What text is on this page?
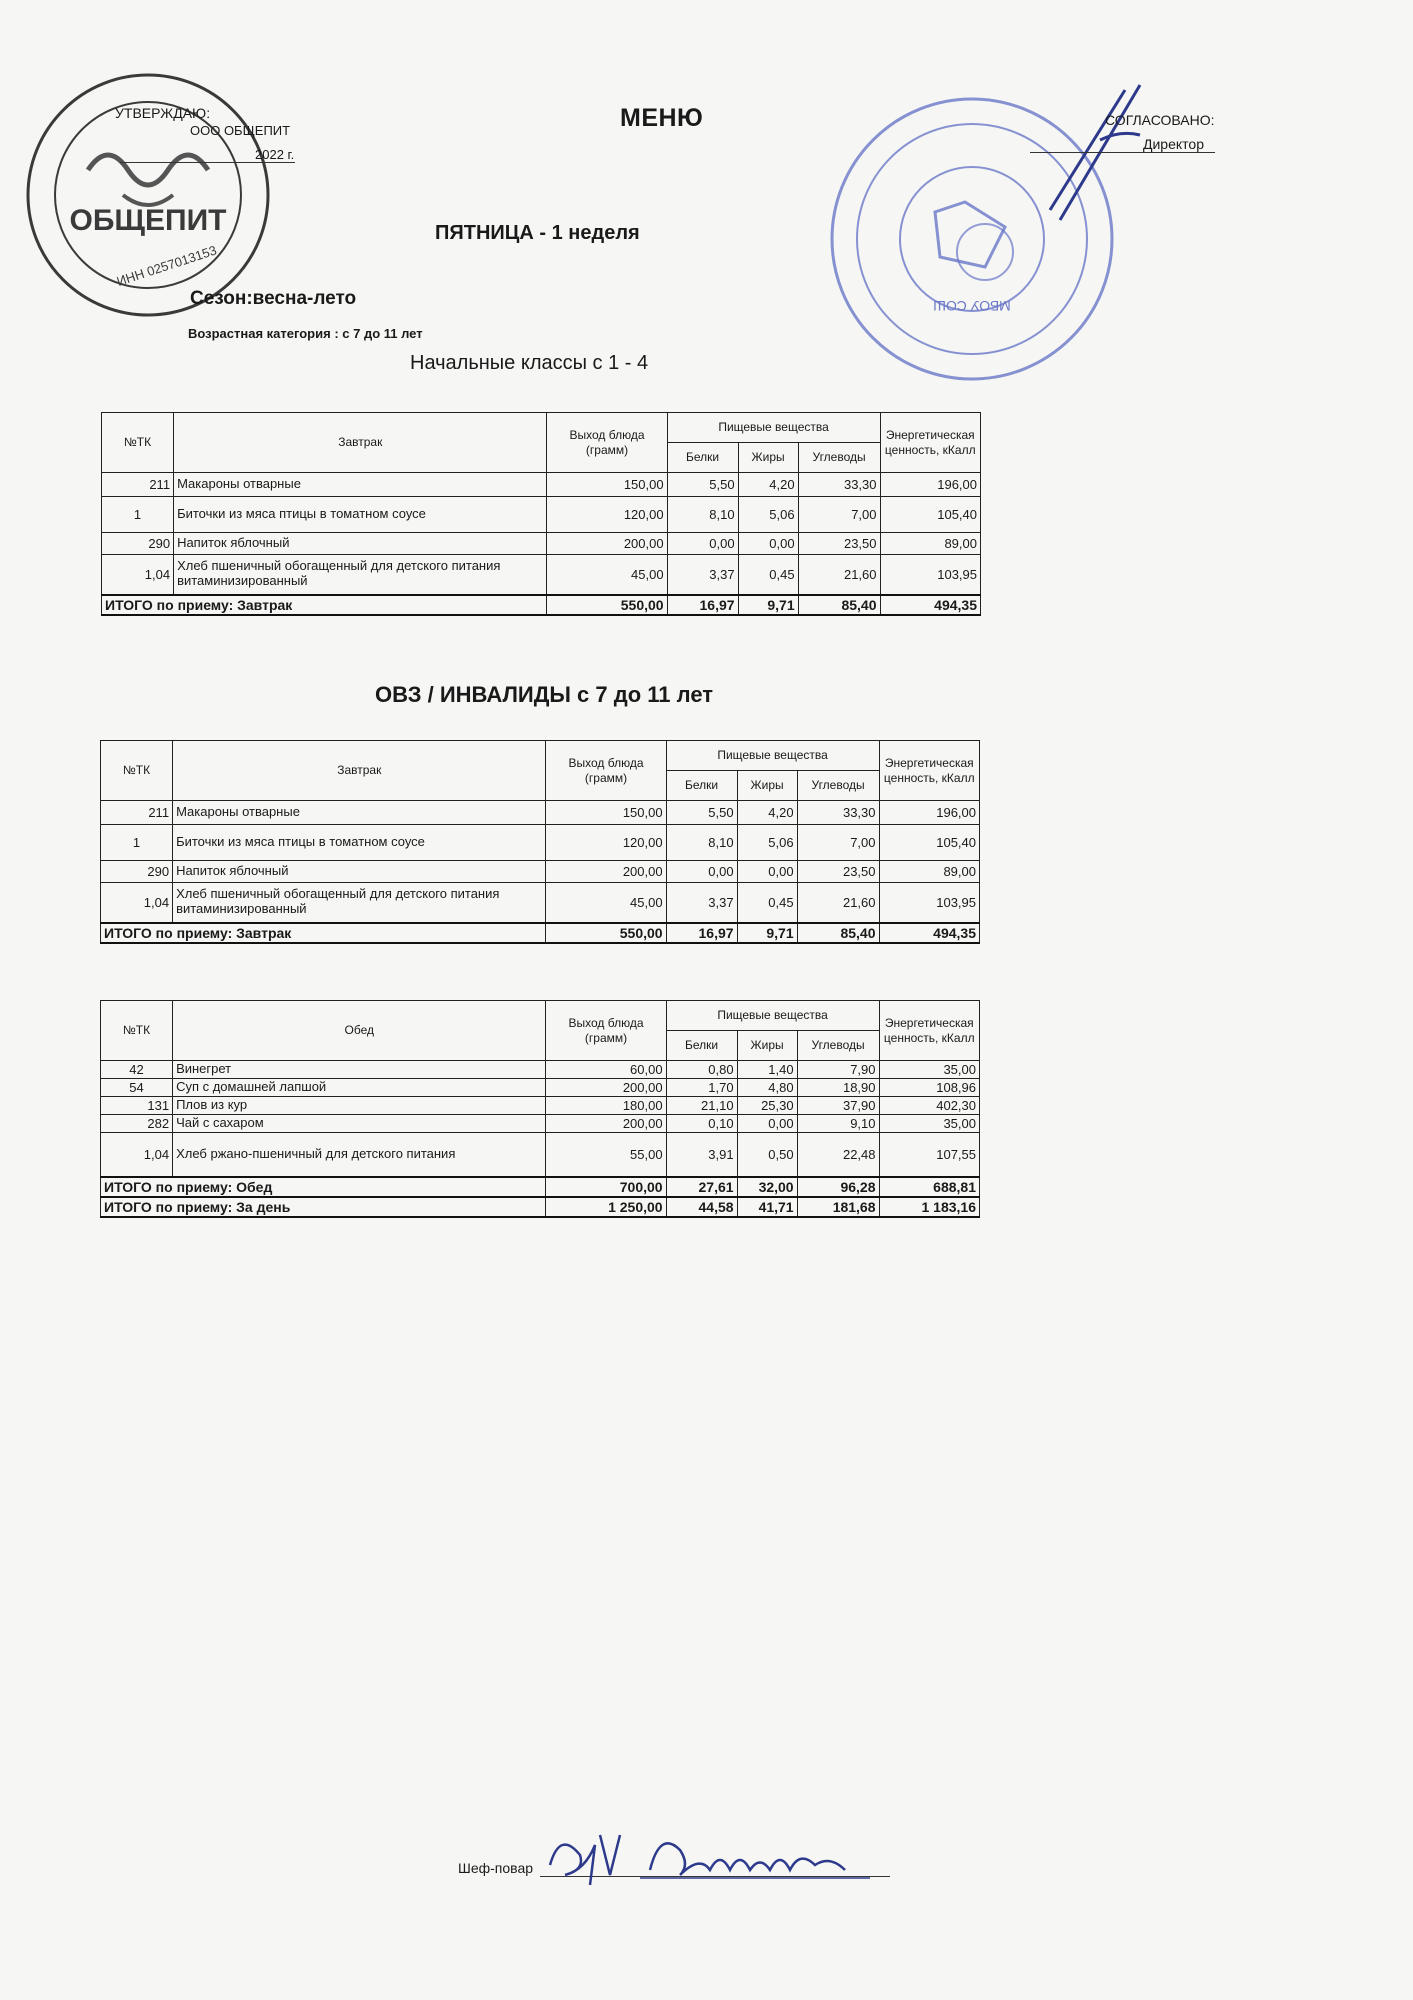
ОБЩЕПИТ
ИНН 0257013153
МБОУ СОШ
УТВЕРЖДАЮ:
ООО ОБЩЕПИТ
2022 г.
МЕНЮ	СОГЛАСОВАНО:
Директор
ПЯТНИЦА - 1 неделя
Сезон:весна-лето
Возрастная категория : с 7 до 11 лет
Начальные классы с 1 - 4
№ТК	Завтрак	Выход блюда (грамм)	Пищевые вещества			Энергетическая ценность, кКалл
			Белки	Жиры	Углеводы	
211	Макароны отварные	150,00	5,50	4,20	33,30	196,00
1	Биточки из мяса птицы в томатном соусе	120,00	8,10	5,06	7,00	105,40
290	Напиток яблочный	200,00	0,00	0,00	23,50	89,00
1,04	Хлеб пшеничный обогащенный для детского питания витаминизированный	45,00	3,37	0,45	21,60	103,95
ИТОГО по приему: Завтрак		550,00	16,97	9,71	85,40	494,35
ОВЗ / ИНВАЛИДЫ с 7 до 11 лет
№ТК	Завтрак	Выход блюда (грамм)	Пищевые вещества			Энергетическая ценность, кКалл
			Белки	Жиры	Углеводы	
211	Макароны отварные	150,00	5,50	4,20	33,30	196,00
1	Биточки из мяса птицы в томатном соусе	120,00	8,10	5,06	7,00	105,40
290	Напиток яблочный	200,00	0,00	0,00	23,50	89,00
1,04	Хлеб пшеничный обогащенный для детского питания витаминизированный	45,00	3,37	0,45	21,60	103,95
ИТОГО по приему: Завтрак		550,00	16,97	9,71	85,40	494,35
№ТК	Обед	Выход блюда (грамм)	Пищевые вещества			Энергетическая ценность, кКалл
			Белки	Жиры	Углеводы	
42	Винегрет	60,00	0,80	1,40	7,90	35,00
54	Суп с домашней лапшой	200,00	1,70	4,80	18,90	108,96
131	Плов из кур	180,00	21,10	25,30	37,90	402,30
282	Чай с сахаром	200,00	0,10	0,00	9,10	35,00
1,04	Хлеб ржано-пшеничный для детского питания	55,00	3,91	0,50	22,48	107,55
ИТОГО по приему: Обед		700,00	27,61	32,00	96,28	688,81
ИТОГО по приему: За день		1 250,00	44,58	41,71	181,68	1 183,16
Шеф-повар
